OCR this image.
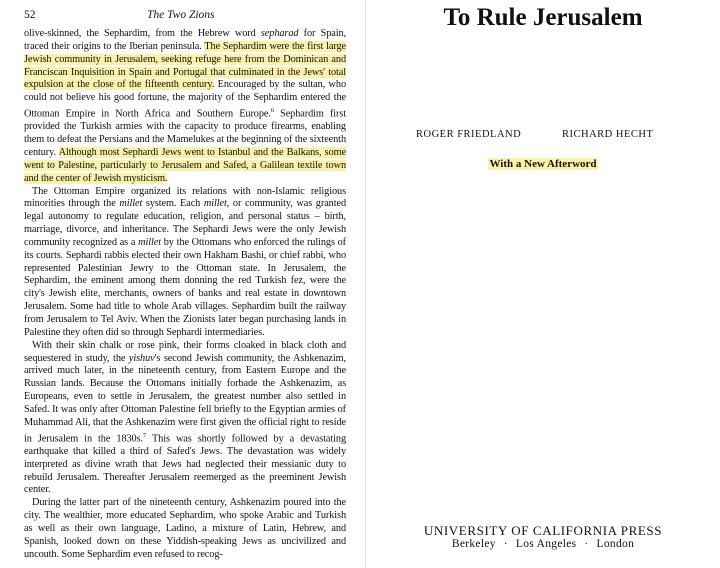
52	The Two Zions

olive-skinned, the Sephardim, from the Hebrew word sepharad for Spain, traced their origins to the Iberian peninsula. The Sephardim were the first large Jewish community in Jerusalem, seeking refuge here from the Dominican and Franciscan Inquisition in Spain and Portugal that culminated in the Jews' total expulsion at the close of the fifteenth century. Encouraged by the sultan, who could not believe his good fortune, the majority of the Sephardim entered the Ottoman Empire in North Africa and Southern Europe.$^6$ Sephardim first provided the Turkish armies with the capacity to produce firearms, enabling them to defeat the Persians and the Mamelukes at the beginning of the sixteenth century. Although most Sephardi Jews went to Istanbul and the Balkans, some went to Palestine, particularly to Jerusalem and Safed, a Galilean textile town and the center of Jewish mysticism.

The Ottoman Empire organized its relations with non-Islamic religious minorities through the millet system. Each millet, or community, was granted legal autonomy to regulate education, religion, and personal status – birth, marriage, divorce, and inheritance. The Sephardi Jews were the only Jewish community recognized as a millet by the Ottomans who enforced the rulings of its courts. Sephardi rabbis elected their own Hakham Bashi, or chief rabbi, who represented Palestinian Jewry to the Ottoman state. In Jerusalem, the Sephardim, the eminent among them donning the red Turkish fez, were the city's Jewish elite, merchants, owners of banks and real estate in downtown Jerusalem. Some had title to whole Arab villages. Sephardim built the railway from Jerusalem to Tel Aviv. When the Zionists later began purchasing lands in Palestine they often did so through Sephardi intermediaries.

With their skin chalk or rose pink, their forms cloaked in black cloth and sequestered in study, the yishuv's second Jewish community, the Ashkenazim, arrived much later, in the nineteenth century, from Eastern Europe and the Russian lands. Because the Ottomans initially forbade the Ashkenazim, as Europeans, even to settle in Jerusalem, the greatest number also settled in Safed. It was only after Ottoman Palestine fell briefly to the Egyptian armies of Muhammad Ali, that the Ashkenazim were first given the official right to reside in Jerusalem in the 1830s.$^7$ This was shortly followed by a devastating earthquake that killed a third of Safed's Jews. The devastation was widely interpreted as divine wrath that Jews had neglected their messianic duty to rebuild Jerusalem. Thereafter Jerusalem reemerged as the preeminent Jewish center.

During the latter part of the nineteenth century, Ashkenazim poured into the city. The wealthier, more educated Sephardim, who spoke Arabic and Turkish as well as their own language, Ladino, a mixture of Latin, Hebrew, and Spanish, looked down on these Yiddish-speaking Jews as uncivilized and uncouth. Some Sephardim even refused to recog-

To Rule Jerusalem
ROGER FRIEDLAND	RICHARD HECHT
With a New Afterword
UNIVERSITY OF CALIFORNIA PRESS
Berkeley · Los Angeles · London
